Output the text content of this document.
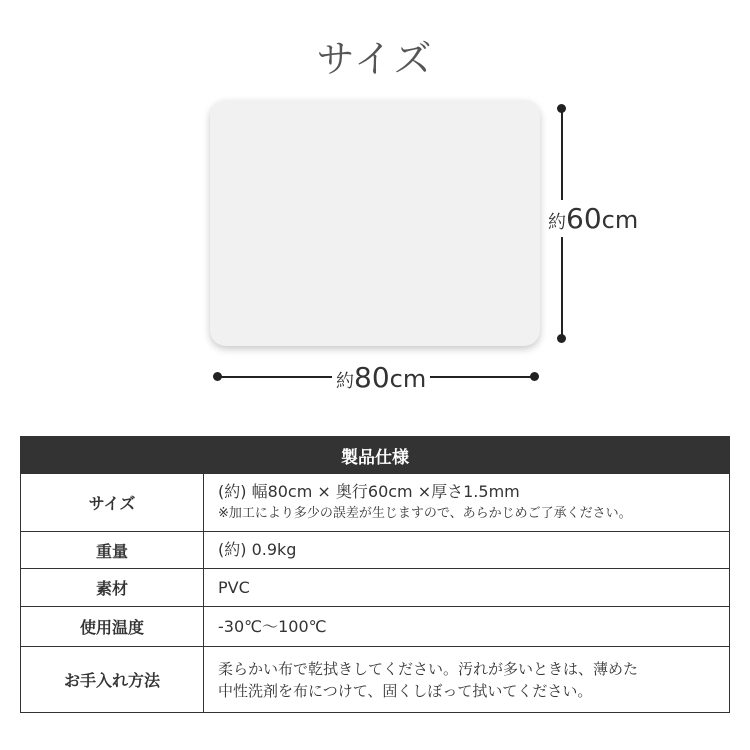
サイズ
約60cm
約80cm
製品仕様	
サイズ	(約) 幅80cm × 奥行60cm ×厚さ1.5mm
※加工により多少の誤差が生じますので、あらかじめご了承ください。

重量	(約) 0.9kg
素材	PVC
使用温度	-30℃～100℃
お手入れ方法	柔らかい布で乾拭きしてください。汚れが多いときは、薄めた
中性洗剤を布につけて、固くしぼって拭いてください。
